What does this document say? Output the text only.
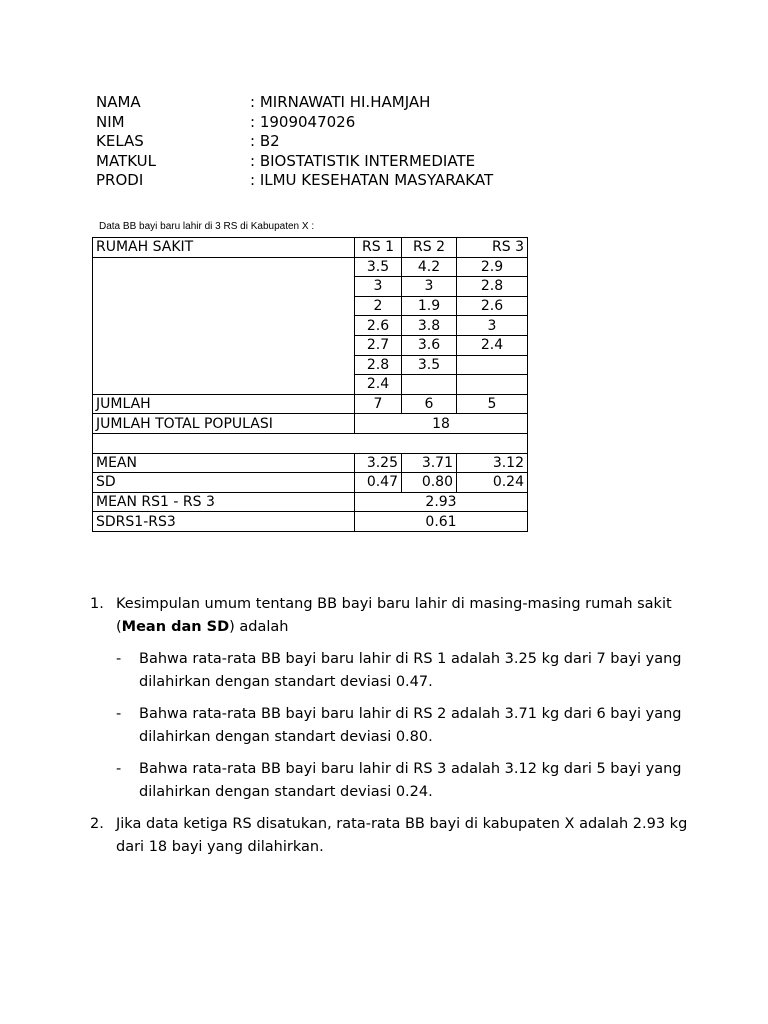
NAMA	: MIRNAWATI HI.HAMJAH
NIM	: 1909047026
KELAS	: B2
MATKUL	: BIOSTATISTIK INTERMEDIATE
PRODI	: ILMU KESEHATAN MASYARAKAT
Data BB bayi baru lahir di 3 RS di Kabupaten X :
RUMAH SAKIT	RS 1	RS 2	RS 3
	3.5	4.2	2.9
	3	3	2.8
	2	1.9	2.6
	2.6	3.8	3
	2.7	3.6	2.4
	2.8	3.5	
	2.4		
JUMLAH	7	6	5
JUMLAH TOTAL POPULASI	18		

MEAN	3.25	3.71	3.12
SD	0.47	0.80	0.24
MEAN RS1 - RS 3	2.93		
SDRS1-RS3	0.61		
1. Kesimpulan umum tentang BB bayi baru lahir di masing-masing rumah sakit (Mean dan SD) adalah
- Bahwa rata-rata BB bayi baru lahir di RS 1 adalah 3.25 kg dari 7 bayi yang dilahirkan dengan standart deviasi 0.47.
- Bahwa rata-rata BB bayi baru lahir di RS 2 adalah 3.71 kg dari 6 bayi yang dilahirkan dengan standart deviasi 0.80.
- Bahwa rata-rata BB bayi baru lahir di RS 3 adalah 3.12 kg dari 5 bayi yang dilahirkan dengan standart deviasi 0.24.
2. Jika data ketiga RS disatukan, rata-rata BB bayi di kabupaten X adalah 2.93 kg dari 18 bayi yang dilahirkan.
